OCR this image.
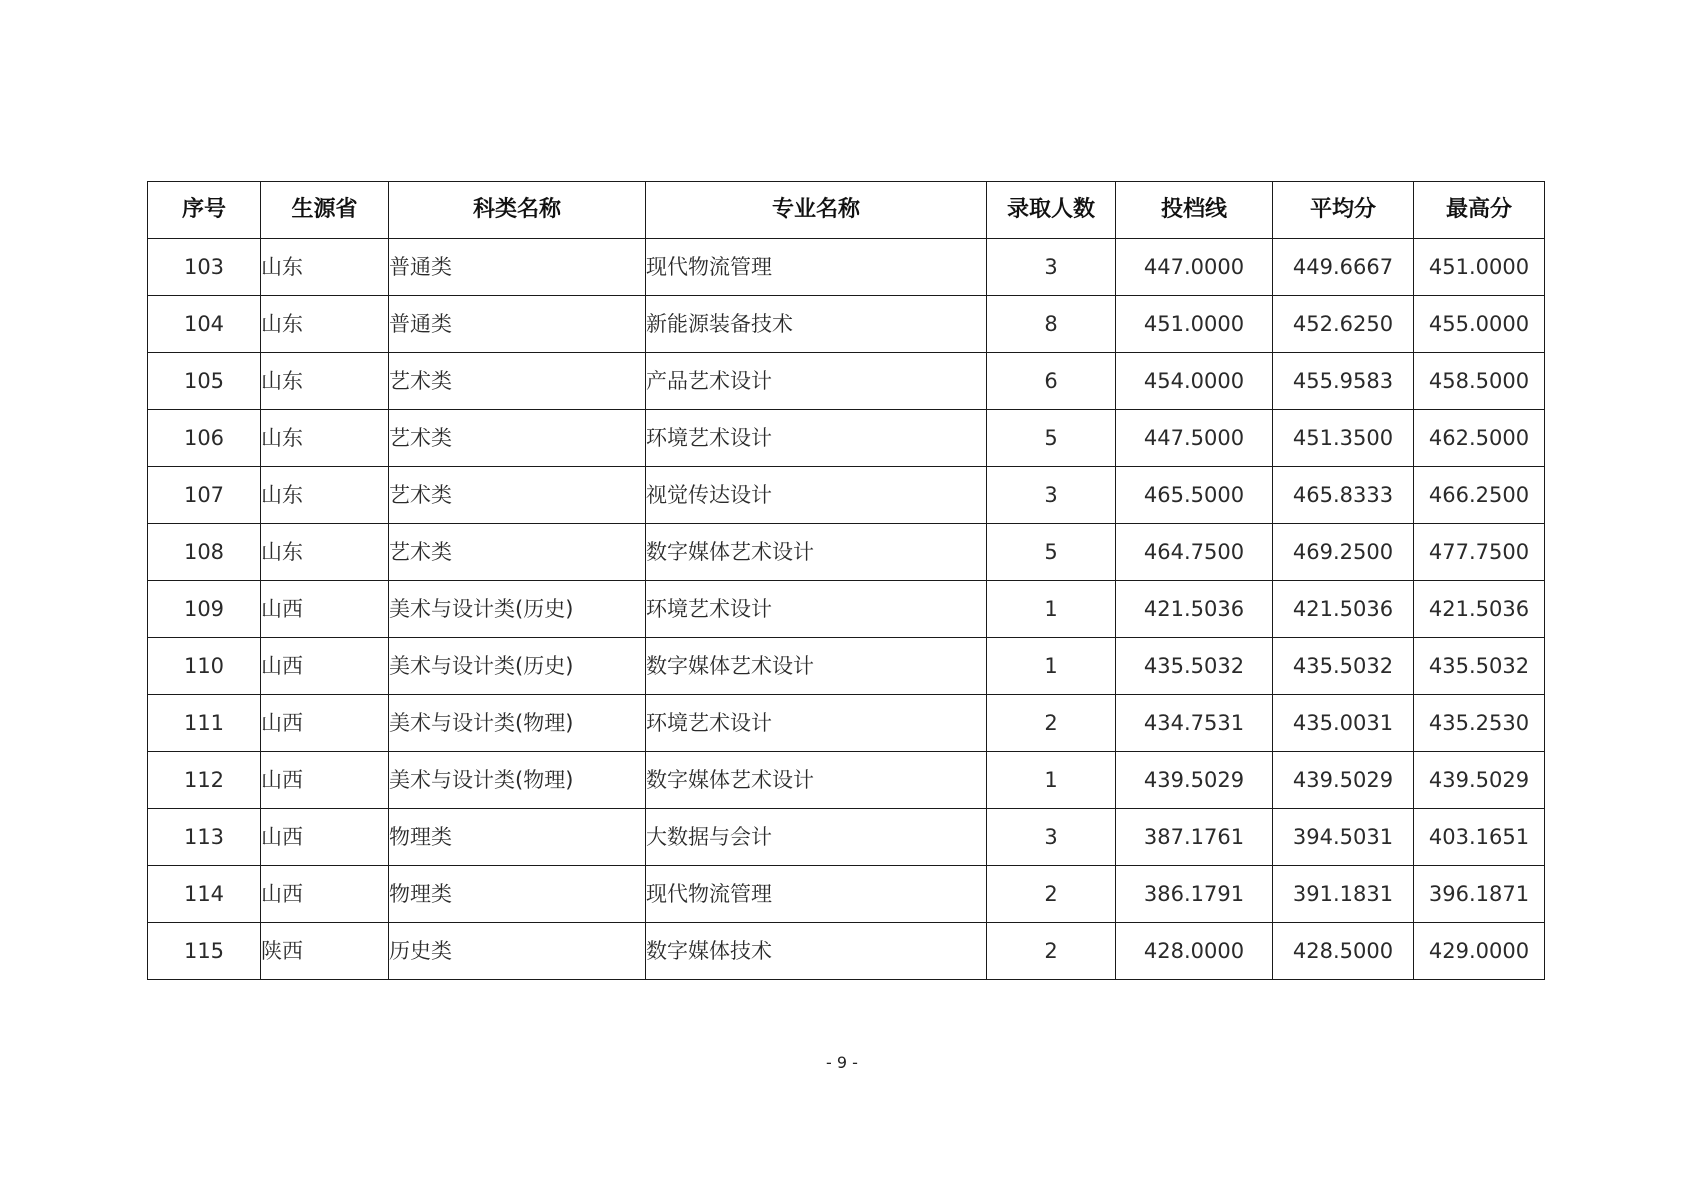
序号	生源省	科类名称	专业名称	录取人数	投档线	平均分	最高分
103	山东	普通类	现代物流管理	3	447.0000	449.6667	451.0000
104	山东	普通类	新能源装备技术	8	451.0000	452.6250	455.0000
105	山东	艺术类	产品艺术设计	6	454.0000	455.9583	458.5000
106	山东	艺术类	环境艺术设计	5	447.5000	451.3500	462.5000
107	山东	艺术类	视觉传达设计	3	465.5000	465.8333	466.2500
108	山东	艺术类	数字媒体艺术设计	5	464.7500	469.2500	477.7500
109	山西	美术与设计类(历史)	环境艺术设计	1	421.5036	421.5036	421.5036
110	山西	美术与设计类(历史)	数字媒体艺术设计	1	435.5032	435.5032	435.5032
111	山西	美术与设计类(物理)	环境艺术设计	2	434.7531	435.0031	435.2530
112	山西	美术与设计类(物理)	数字媒体艺术设计	1	439.5029	439.5029	439.5029
113	山西	物理类	大数据与会计	3	387.1761	394.5031	403.1651
114	山西	物理类	现代物流管理	2	386.1791	391.1831	396.1871
115	陕西	历史类	数字媒体技术	2	428.0000	428.5000	429.0000
- 9 -
